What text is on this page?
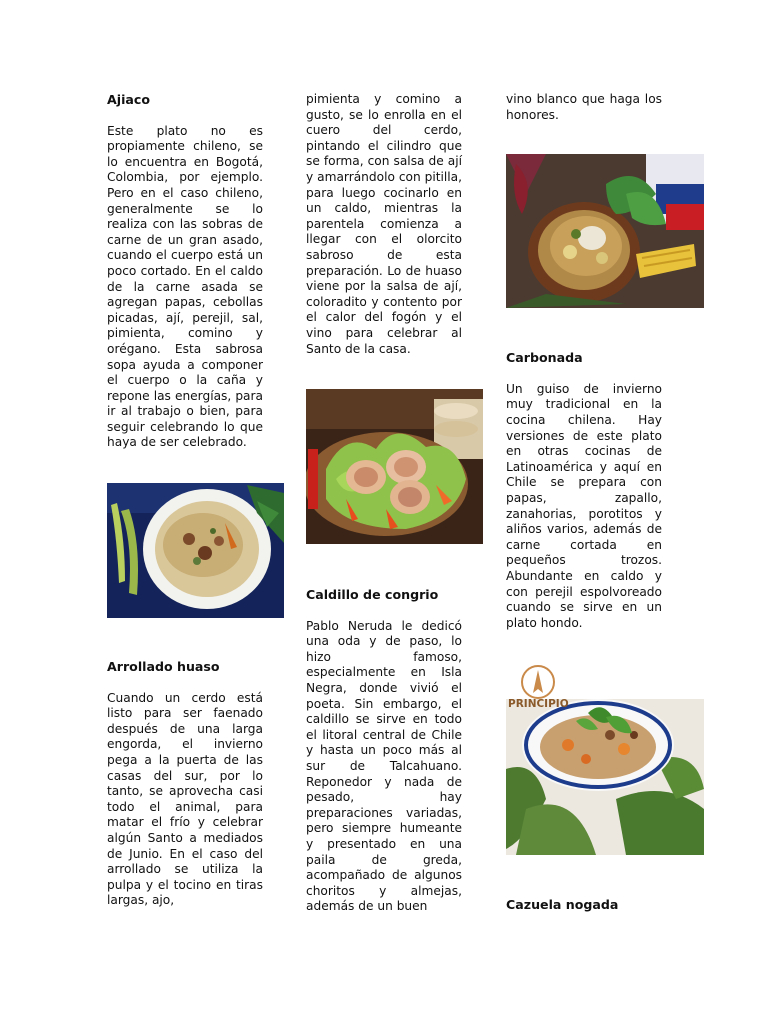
Ajiaco

Este plato no es propiamente chileno, se lo encuentra en Bogotá, Colombia, por ejemplo. Pero en el caso chileno, generalmente se lo realiza con las sobras de carne de un gran asado, cuando el cuerpo está un poco cortado. En el caldo de la carne asada se agregan papas, cebollas picadas, ají, perejil, sal, pimienta, comino y orégano. Esta sabrosa sopa ayuda a componer el cuerpo o la caña y repone las energías, para ir al trabajo o bien, para seguir celebrando lo que haya de ser celebrado.

Arrollado huaso

Cuando un cerdo está listo para ser faenado después de una larga engorda, el invierno pega a la puerta de las casas del sur, por lo tanto, se aprovecha casi todo el animal, para matar el frío y celebrar algún Santo a mediados de Junio. En el caso del arrollado se utiliza la pulpa y el tocino en tiras largas, ajo,

pimienta y comino a gusto, se lo enrolla en el cuero del cerdo, pintando el cilindro que se forma, con salsa de ají y amarrándolo con pitilla, para luego cocinarlo en un caldo, mientras la parentela comienza a llegar con el olorcito sabroso de esta preparación. Lo de huaso viene por la salsa de ají, coloradito y contento por el calor del fogón y el vino para celebrar al Santo de la casa.

Caldillo de congrio

Pablo Neruda le dedicó una oda y de paso, lo hizo famoso, especialmente en Isla Negra, donde vivió el poeta. Sin embargo, el caldillo se sirve en todo el litoral central de Chile y hasta un poco más al sur de Talcahuano. Reponedor y nada de pesado, hay preparaciones variadas, pero siempre humeante y presentado en una paila de greda, acompañado de algunos choritos y almejas, además de un buen

vino blanco que haga los honores.

Carbonada

Un guiso de invierno muy tradicional en la cocina chilena. Hay versiones de este plato en otras cocinas de Latinoamérica y aquí en Chile se prepara con papas, zapallo, zanahorias, porotitos y aliños varios, además de carne cortada en pequeños trozos. Abundante en caldo y con perejil espolvoreado cuando se sirve en un plato hondo.

PRINCIPIO
Cazuela nogada
